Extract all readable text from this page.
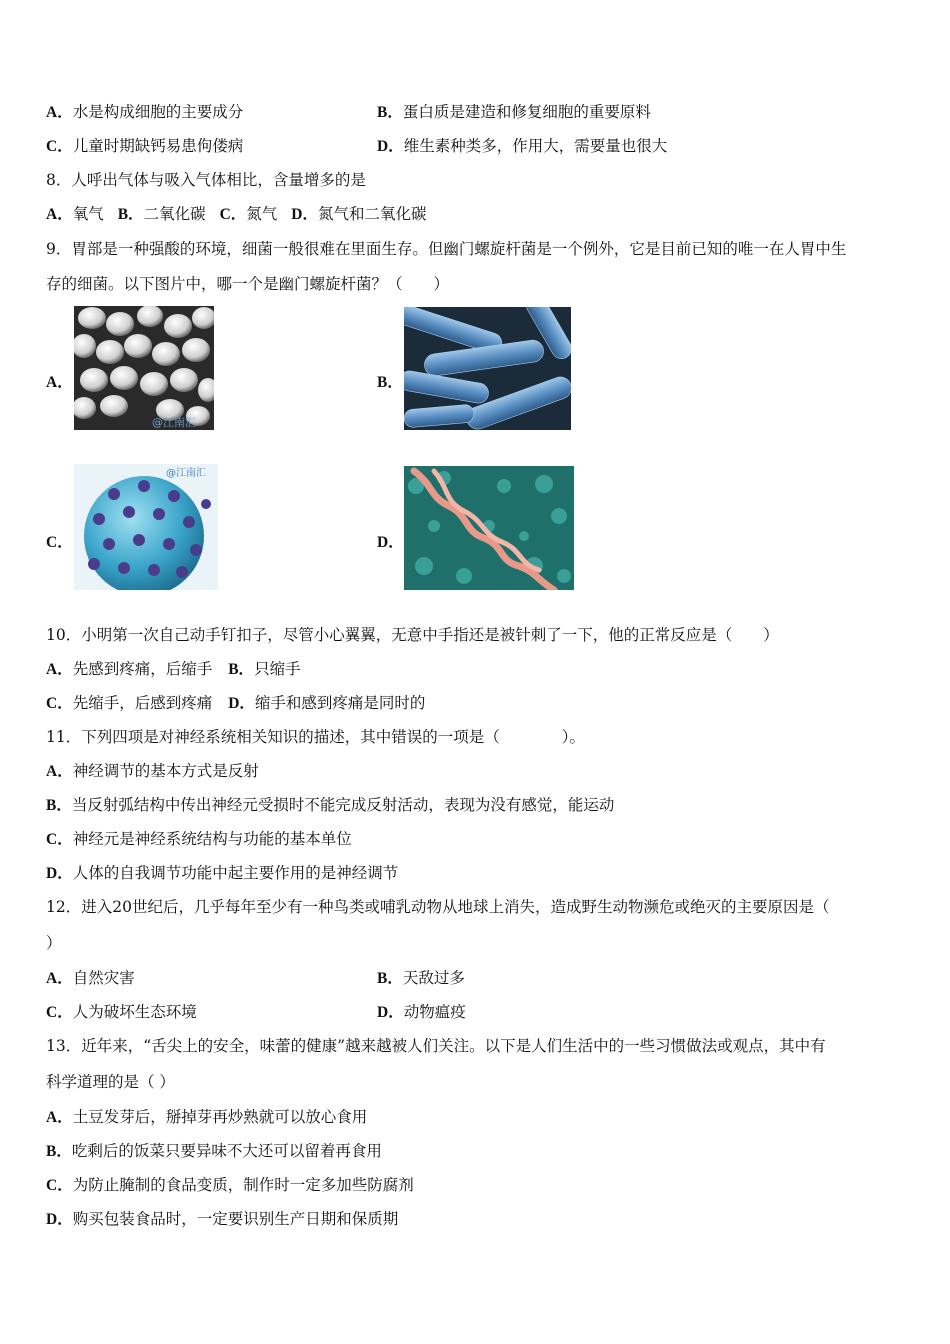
A．水是构成细胞的主要成分	B．蛋白质是建造和修复细胞的重要原料
C．儿童时期缺钙易患佝偻病	D．维生素种类多，作用大，需要量也很大
8．人呼出气体与吸入气体相比，含量增多的是
A．氧气 B．二氧化碳 C．氮气 D．氮气和二氧化碳
9．胃部是一种强酸的环境，细菌一般很难在里面生存。但幽门螺旋杆菌是一个例外，它是目前已知的唯一在人胃中生
存的细菌。以下图片中，哪一个是幽门螺旋杆菌？（　　）
A．
@江南汇
B．
C．
@江南汇
D．
10．小明第一次自己动手钉扣子，尽管小心翼翼，无意中手指还是被针刺了一下，他的正常反应是（　　）
A．先感到疼痛，后缩手 B．只缩手
C．先缩手，后感到疼痛 D．缩手和感到疼痛是同时的
11．下列四项是对神经系统相关知识的描述，其中错误的一项是（　　　　）。
A．神经调节的基本方式是反射
B．当反射弧结构中传出神经元受损时不能完成反射活动，表现为没有感觉，能运动
C．神经元是神经系统结构与功能的基本单位
D．人体的自我调节功能中起主要作用的是神经调节
12．进入20世纪后，几乎每年至少有一种鸟类或哺乳动物从地球上消失，造成野生动物濒危或绝灭的主要原因是（
）
A．自然灾害	B．天敌过多
C．人为破坏生态环境	D．动物瘟疫
13．近年来，“舌尖上的安全，味蕾的健康”越来越被人们关注。以下是人们生活中的一些习惯做法或观点，其中有
科学道理的是（ ）
A．土豆发芽后，掰掉芽再炒熟就可以放心食用
B．吃剩后的饭菜只要异味不大还可以留着再食用
C．为防止腌制的食品变质，制作时一定多加些防腐剂
D．购买包装食品时，一定要识别生产日期和保质期
